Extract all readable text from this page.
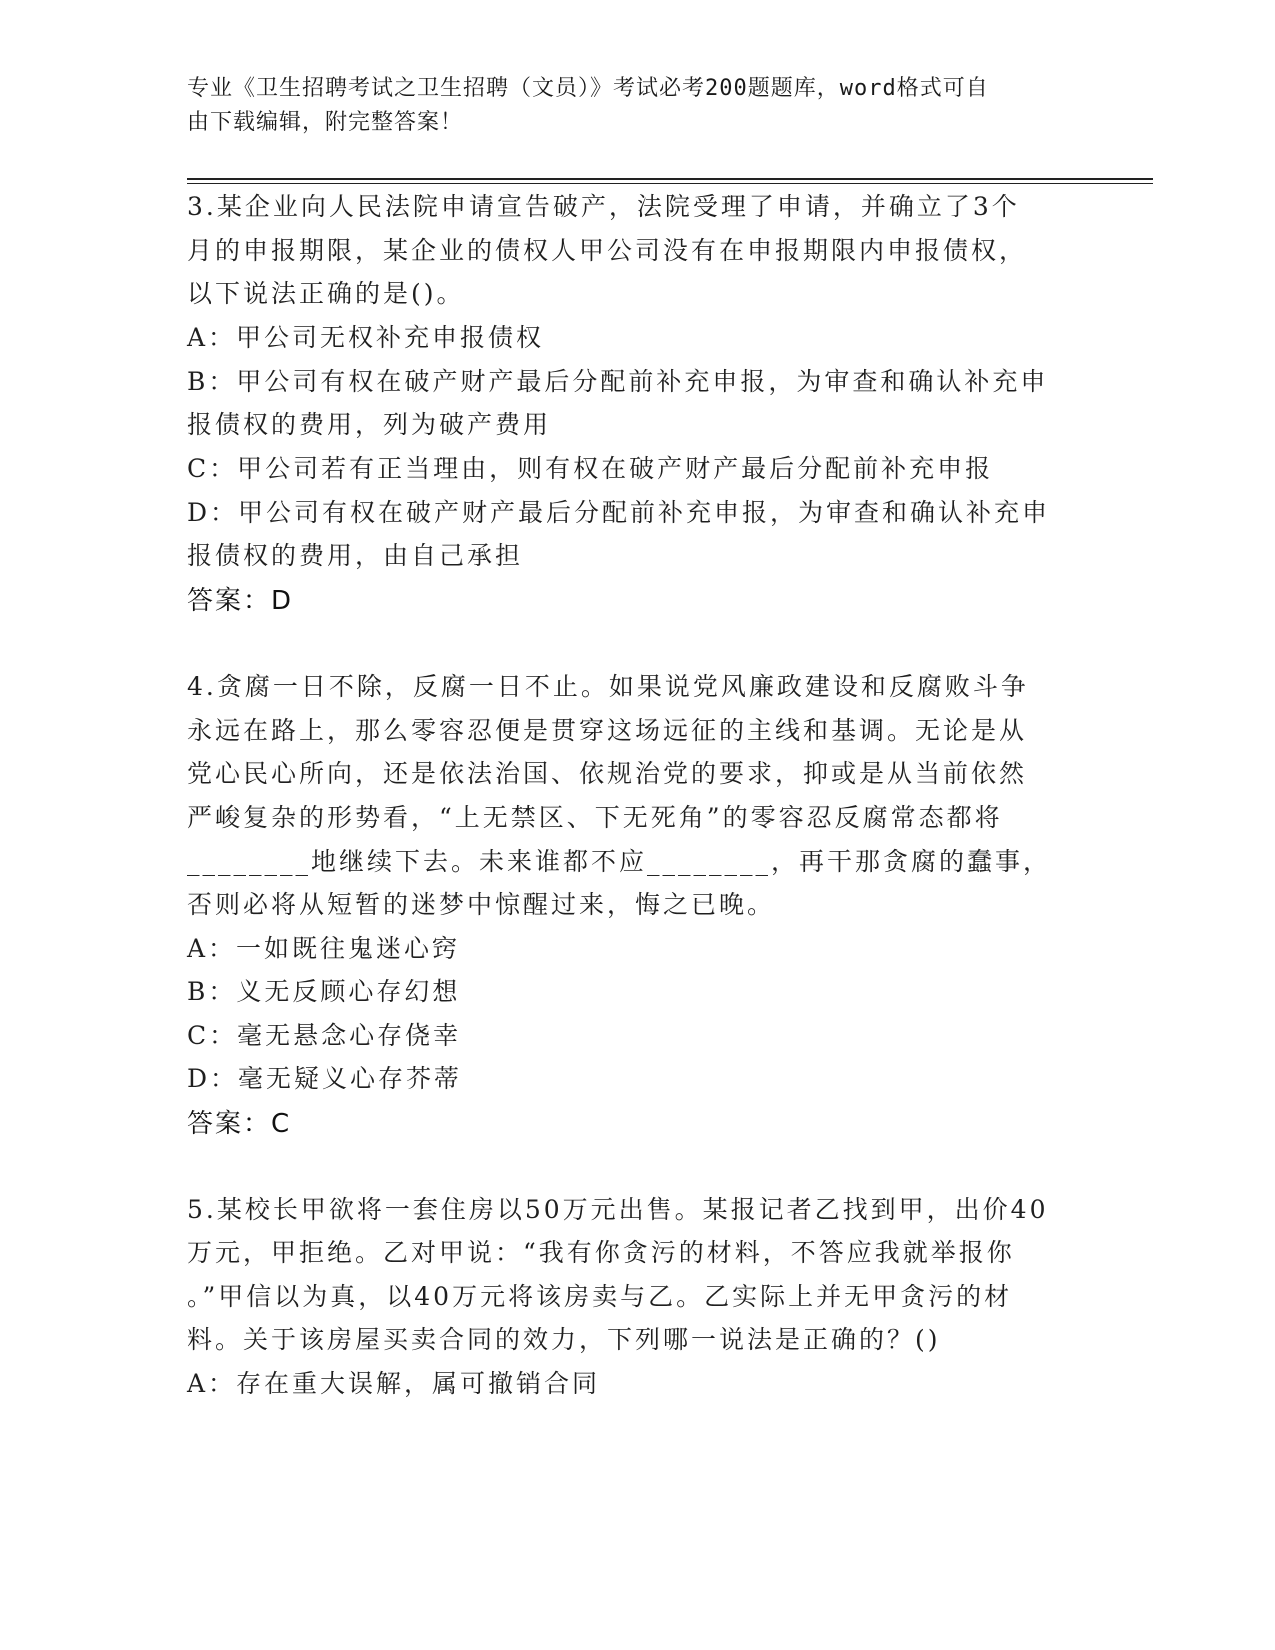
专业《卫生招聘考试之卫生招聘（文员）》考试必考200题题库，word格式可自
由下载编辑，附完整答案！
3.某企业向人民法院申请宣告破产，法院受理了申请，并确立了3个
月的申报期限，某企业的债权人甲公司没有在申报期限内申报债权，
以下说法正确的是()。
A：甲公司无权补充申报债权
B：甲公司有权在破产财产最后分配前补充申报，为审查和确认补充申
报债权的费用，列为破产费用
C：甲公司若有正当理由，则有权在破产财产最后分配前补充申报
D：甲公司有权在破产财产最后分配前补充申报，为审查和确认补充申
报债权的费用，由自己承担
答案：D
4.贪腐一日不除，反腐一日不止。如果说党风廉政建设和反腐败斗争
永远在路上，那么零容忍便是贯穿这场远征的主线和基调。无论是从
党心民心所向，还是依法治国、依规治党的要求，抑或是从当前依然
严峻复杂的形势看，“上无禁区、下无死角”的零容忍反腐常态都将
________地继续下去。未来谁都不应________，再干那贪腐的蠢事，
否则必将从短暂的迷梦中惊醒过来，悔之已晚。
A：一如既往鬼迷心窍
B：义无反顾心存幻想
C：毫无悬念心存侥幸
D：毫无疑义心存芥蒂
答案：C
5.某校长甲欲将一套住房以50万元出售。某报记者乙找到甲，出价40
万元，甲拒绝。乙对甲说：“我有你贪污的材料，不答应我就举报你
。”甲信以为真，以40万元将该房卖与乙。乙实际上并无甲贪污的材
料。关于该房屋买卖合同的效力，下列哪一说法是正确的？()
A：存在重大误解，属可撤销合同
